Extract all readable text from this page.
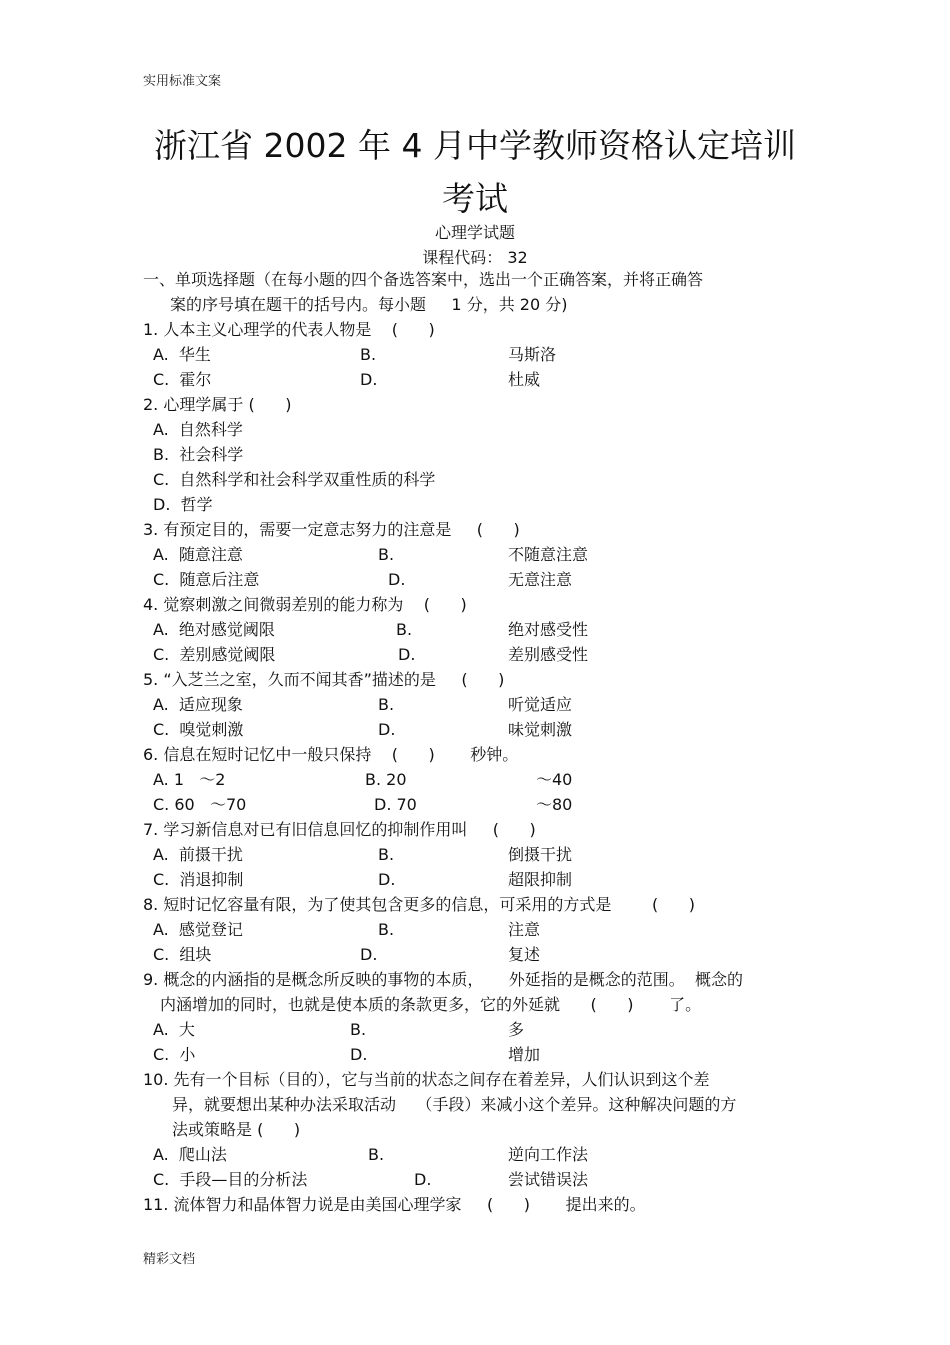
实用标准文案
浙江省 2002 年 4 月中学教师资格认定培训
考试
心理学试题
课程代码： 32
一、单项选择题（在每小题的四个备选答案中，选出一个正确答案，并将正确答
案的序号填在题干的括号内。每小题     1 分，共 20 分)
1. 人本主义心理学的代表人物是    (      )
A.  华生	B.	马斯洛
C.  霍尔	D.	杜威
2. 心理学属于 (      )
A.  自然科学
B.  社会科学
C.  自然科学和社会科学双重性质的科学
D.  哲学
3. 有预定目的，需要一定意志努力的注意是     (      )
A.  随意注意	B.	不随意注意
C.  随意后注意	D.	无意注意
4. 觉察刺激之间微弱差别的能力称为    (      )
A.  绝对感觉阈限	B.	绝对感受性
C.  差别感觉阈限	D.	差别感受性
5. “入芝兰之室，久而不闻其香”描述的是     (      )
A.  适应现象	B.	听觉适应
C.  嗅觉刺激	D.	味觉刺激
6. 信息在短时记忆中一般只保持    (      )       秒钟。
A. 1   ～2	B. 20	～40
C. 60   ～70	D. 70	～80
7. 学习新信息对已有旧信息回忆的抑制作用叫     (      )
A.  前摄干扰	B.	倒摄干扰
C.  消退抑制	D.	超限抑制
8. 短时记忆容量有限，为了使其包含更多的信息，可采用的方式是        (      )
A.  感觉登记	B.	注意
C.  组块	D.	复述
9. 概念的内涵指的是概念所反映的事物的本质，     外延指的是概念的范围。  概念的
内涵增加的同时，也就是使本质的条款更多，它的外延就      (      )       了。
A.  大	B.	多
C.  小	D.	增加
10. 先有一个目标（目的），它与当前的状态之间存在着差异，人们认识到这个差
异，就要想出某种办法采取活动    （手段）来减小这个差异。这种解决问题的方
法或策略是 (      )
A.  爬山法	B.	逆向工作法
C.  手段—目的分析法	D.	尝试错误法
11. 流体智力和晶体智力说是由美国心理学家     (      )       提出来的。
精彩文档
